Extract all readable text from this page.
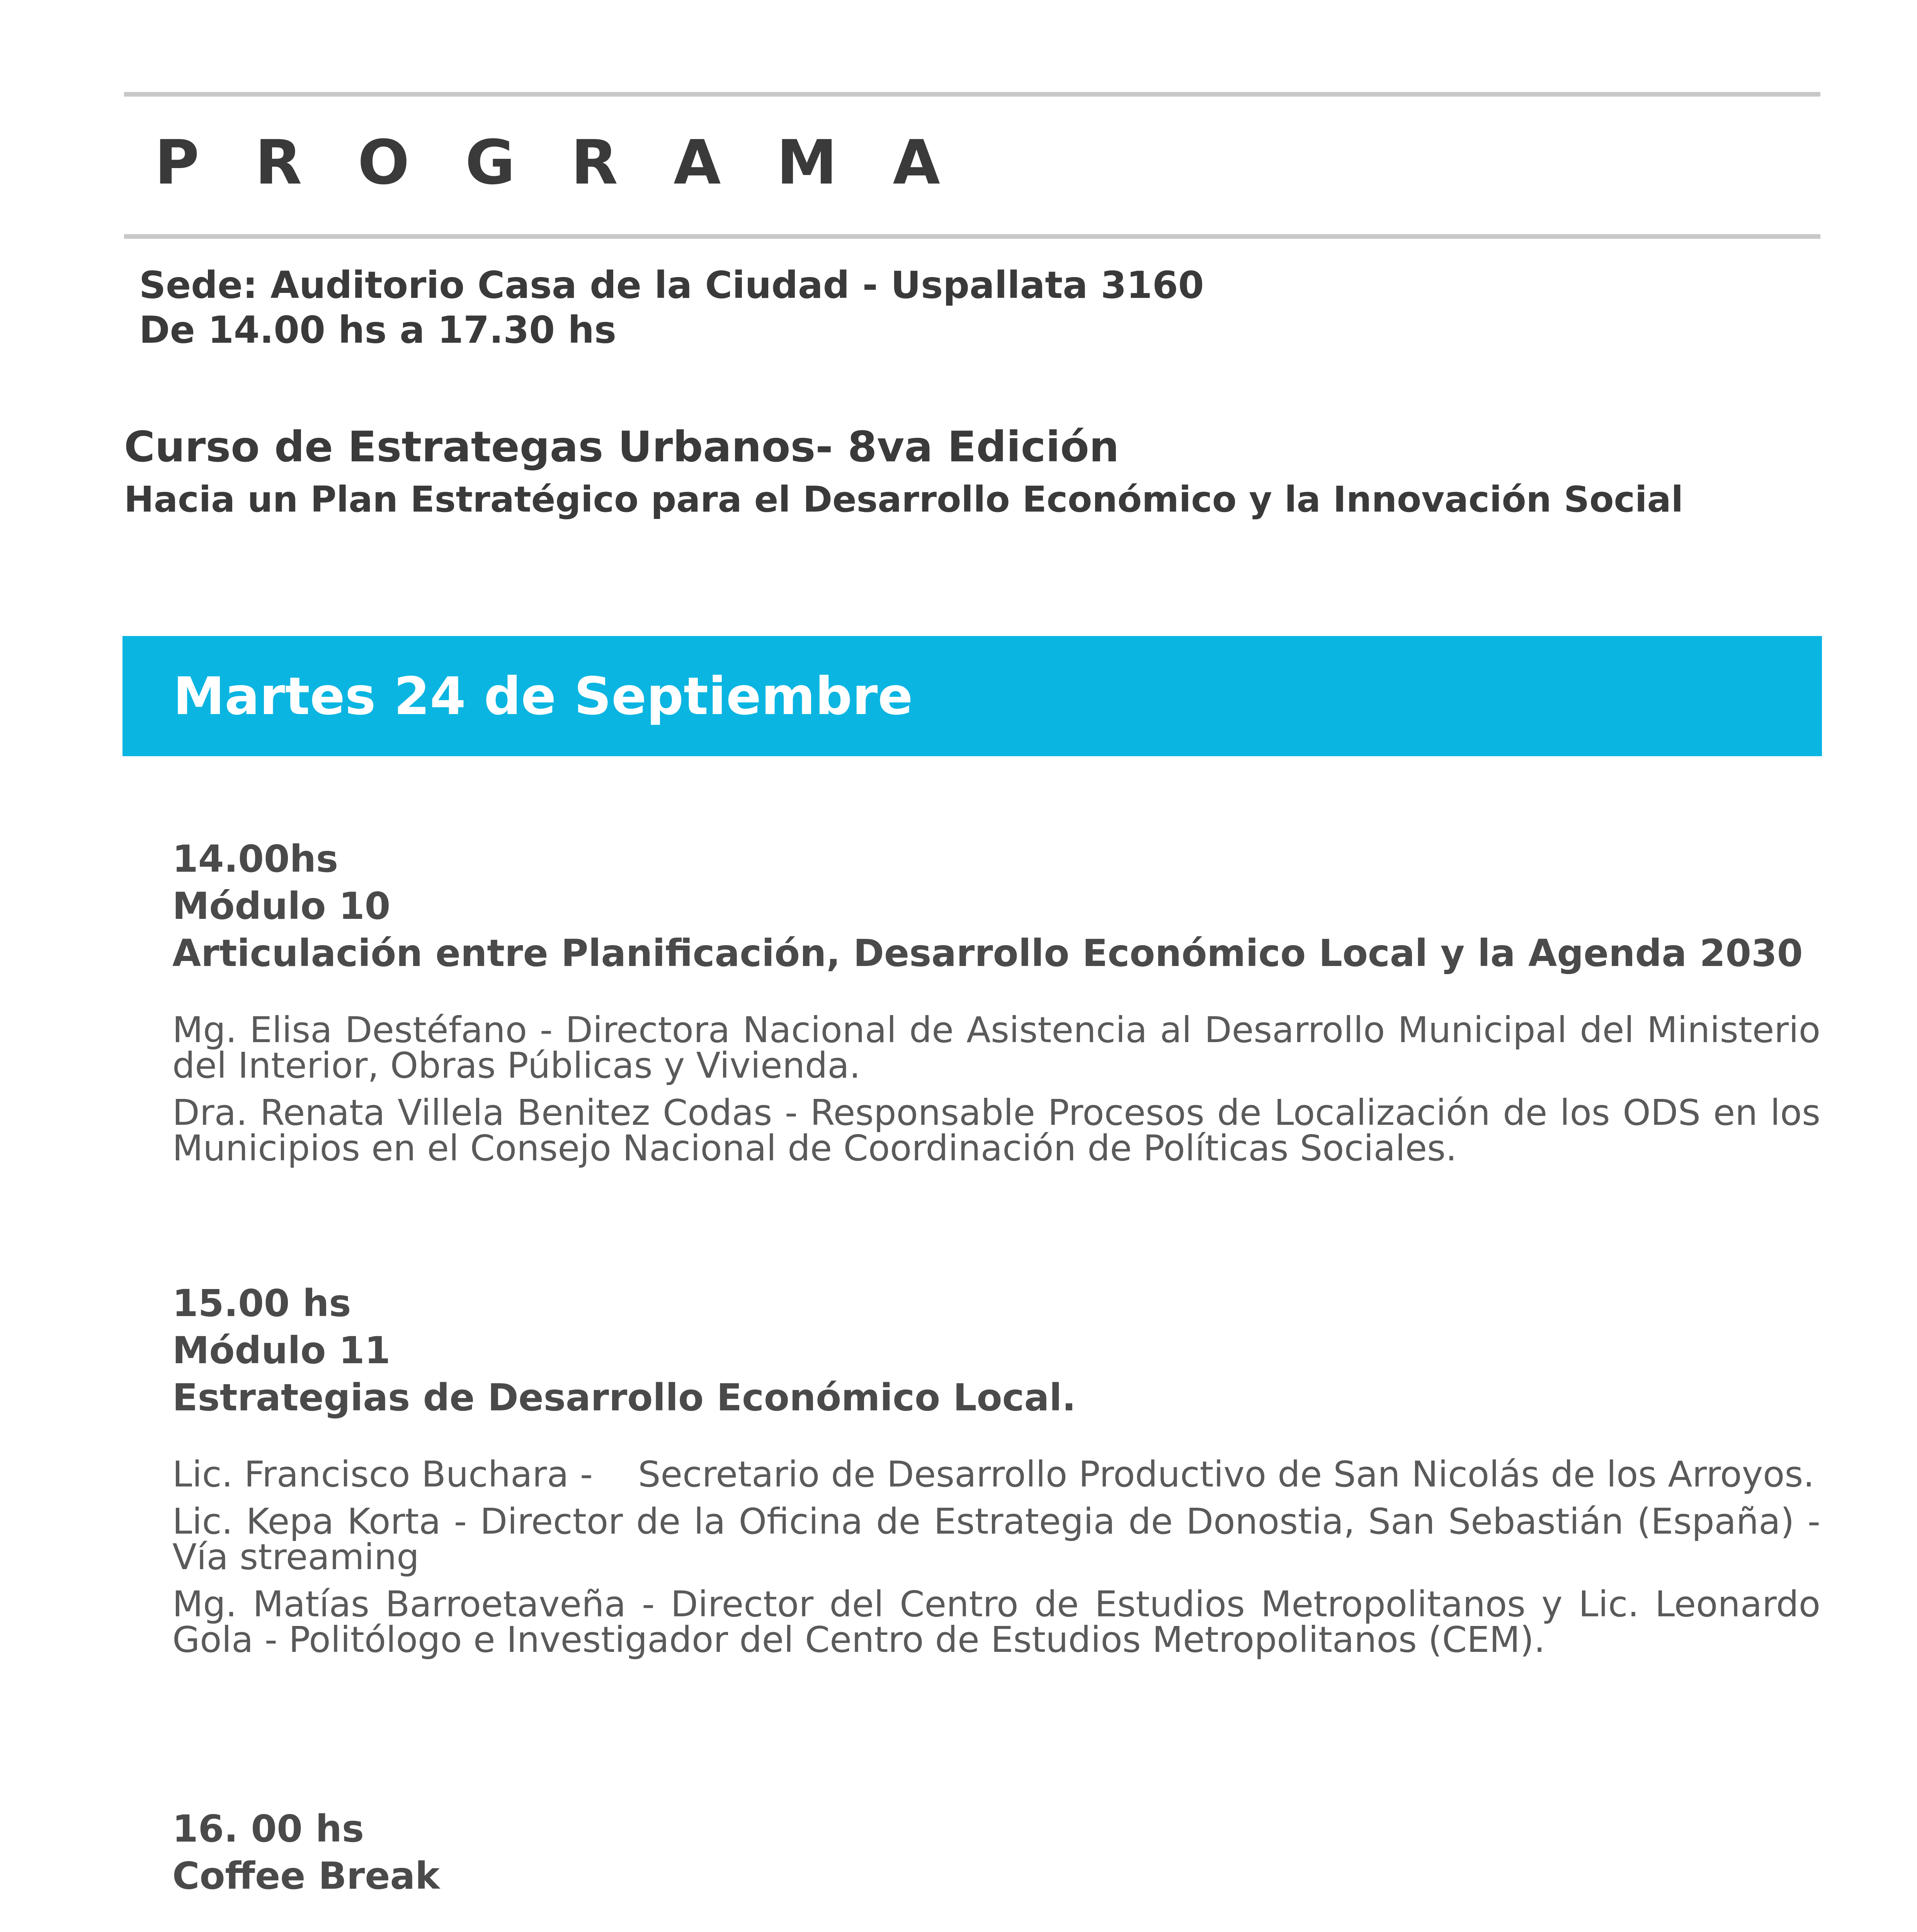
PROGRAMA
Sede: Auditorio Casa de la Ciudad - Uspallata 3160
De 14.00 hs a 17.30 hs
Curso de Estrategas Urbanos- 8va Edición
Hacia un Plan Estratégico para el Desarrollo Económico y la Innovación Social
Martes 24 de Septiembre
14.00hs
Módulo 10
Articulación entre Planificación, Desarrollo Económico Local y la Agenda 2030
Mg. Elisa Destéfano - Directora Nacional de Asistencia al Desarrollo Municipal del Ministerio del Interior, Obras Públicas y Vivienda.
Dra. Renata Villela Benitez Codas - Responsable Procesos de Localización de los ODS en los Municipios en el Consejo Nacional de Coordinación de Políticas Sociales.
15.00 hs
Módulo 11
Estrategias de Desarrollo Económico Local.
Lic. Francisco Buchara -    Secretario de Desarrollo Productivo de San Nicolás de los Arroyos.
Lic. Kepa Korta - Director de la Oficina de Estrategia de Donostia, San Sebastián (España) - Vía streaming
Mg. Matías Barroetaveña - Director del Centro de Estudios Metropolitanos y Lic. Leonardo Gola - Politólogo e Investigador del Centro de Estudios Metropolitanos (CEM).
16. 00 hs
Coffee Break
